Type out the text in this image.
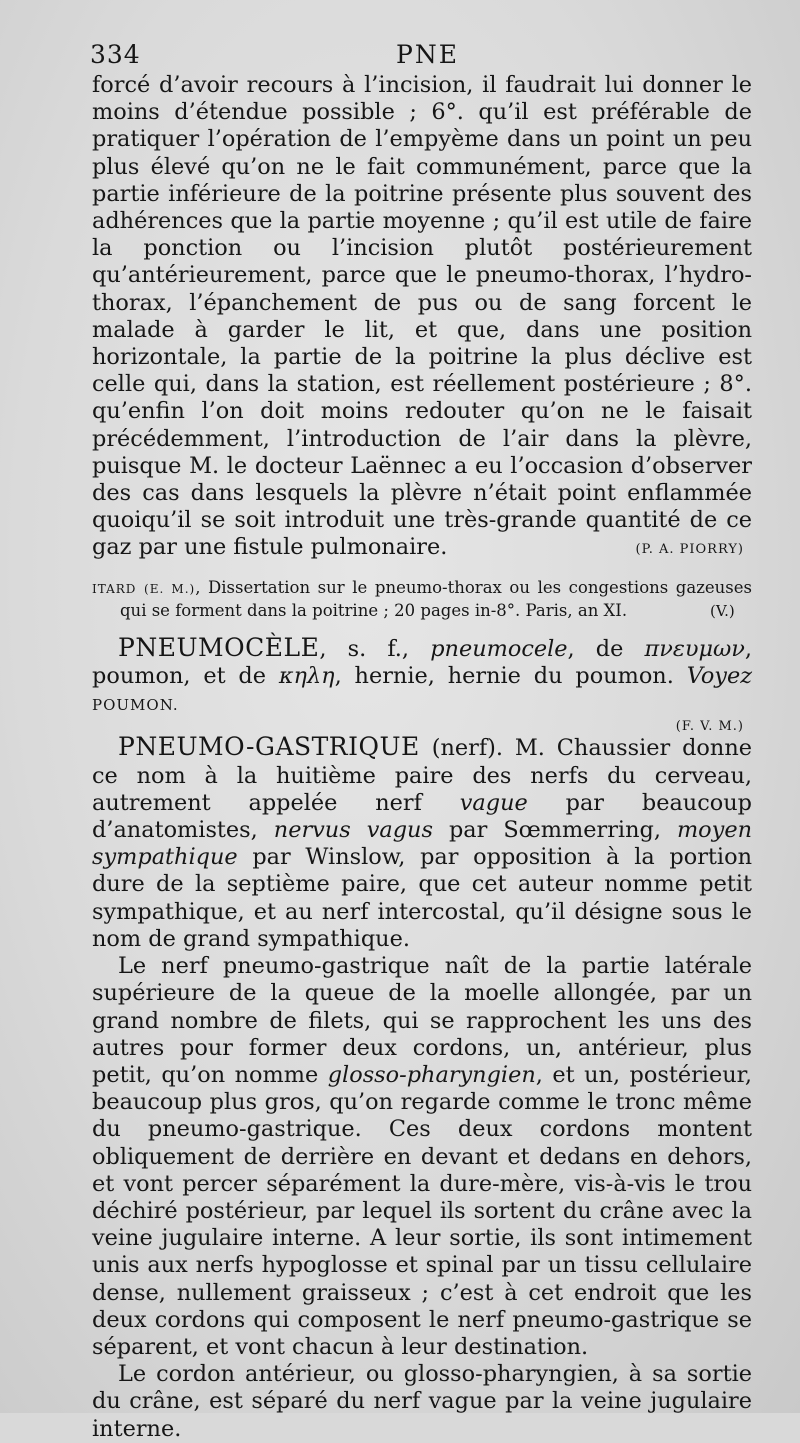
334	PNE

forcé d’avoir recours à l’incision, il faudrait lui donner le moins d’étendue possible ; 6°. qu’il est préférable de pratiquer l’opération de l’empyème dans un point un peu plus élevé qu’on ne le fait communément, parce que la partie inférieure de la poitrine présente plus souvent des adhérences que la partie moyenne ; qu’il est utile de faire la ponction ou l’incision plutôt postérieurement qu’antérieurement, parce que le pneumo-thorax, l’hydro-thorax, l’épanchement de pus ou de sang forcent le malade à garder le lit, et que, dans une position horizontale, la partie de la poitrine la plus déclive est celle qui, dans la station, est réellement postérieure ; 8°. qu’enfin l’on doit moins redouter qu’on ne le faisait précédemment, l’introduction de l’air dans la plèvre, puisque M. le docteur Laënnec a eu l’occasion d’observer des cas dans lesquels la plèvre n’était point enflammée quoiqu’il se soit introduit une très-grande quantité de ce gaz par une fistule pulmonaire.	(P. A. PIORRY)

ITARD (E. M.), Dissertation sur le pneumo-thorax ou les congestions gazeuses qui se forment dans la poitrine ; 20 pages in-8°. Paris, an XI.	(V.)

PNEUMOCÈLE, s. f., pneumocele, de πνευμων, poumon, et de κηλη, hernie, hernie du poumon. Voyez POUMON.

(F. V. M.)

PNEUMO-GASTRIQUE (nerf). M. Chaussier donne ce nom à la huitième paire des nerfs du cerveau, autrement appelée nerf vague par beaucoup d’anatomistes, nervus vagus par Sœmmerring, moyen sympathique par Winslow, par opposition à la portion dure de la septième paire, que cet auteur nomme petit sympathique, et au nerf intercostal, qu’il désigne sous le nom de grand sympathique.

Le nerf pneumo-gastrique naît de la partie latérale supérieure de la queue de la moelle allongée, par un grand nombre de filets, qui se rapprochent les uns des autres pour former deux cordons, un, antérieur, plus petit, qu’on nomme glosso-pharyngien, et un, postérieur, beaucoup plus gros, qu’on regarde comme le tronc même du pneumo-gastrique. Ces deux cordons montent obliquement de derrière en devant et dedans en dehors, et vont percer séparément la dure-mère, vis-à-vis le trou déchiré postérieur, par lequel ils sortent du crâne avec la veine jugulaire interne. A leur sortie, ils sont intimement unis aux nerfs hypoglosse et spinal par un tissu cellulaire dense, nullement graisseux ; c’est à cet endroit que les deux cordons qui composent le nerf pneumo-gastrique se séparent, et vont chacun à leur destination.

Le cordon antérieur, ou glosso-pharyngien, à sa sortie du crâne, est séparé du nerf vague par la veine jugulaire interne.
